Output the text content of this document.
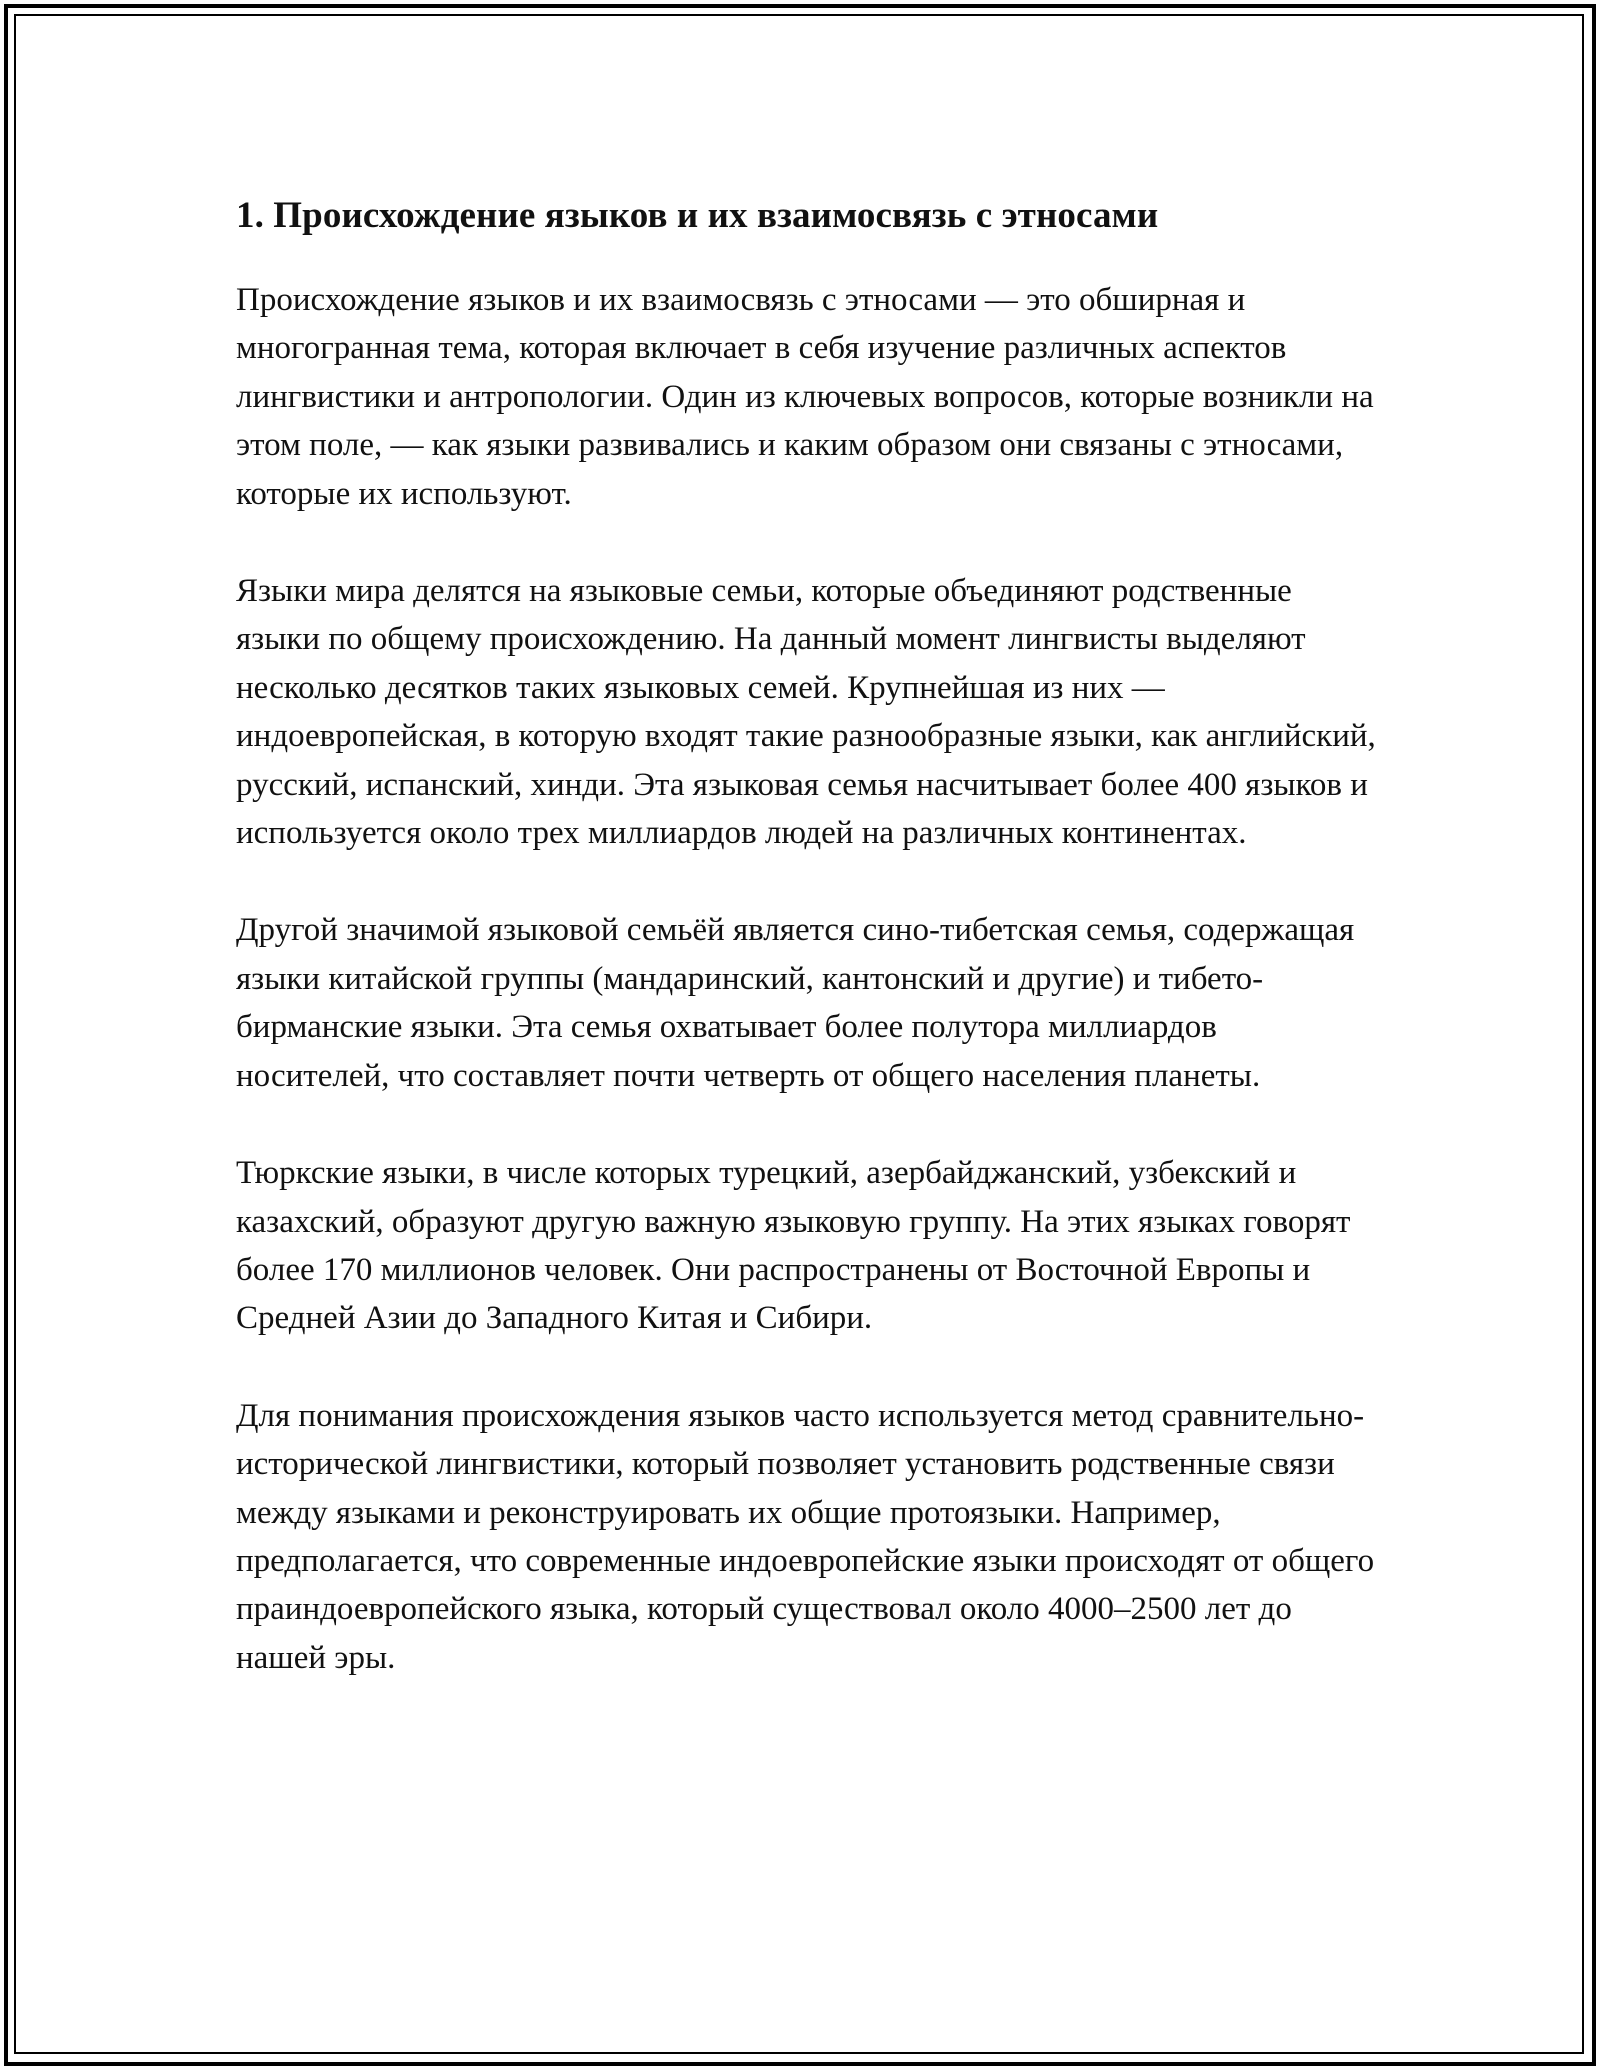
1. Происхождение языков и их взаимосвязь с этносами

Происхождение языков и их взаимосвязь с этносами — это обширная и многогранная тема, которая включает в себя изучение различных аспектов лингвистики и антропологии. Один из ключевых вопросов, которые возникли на этом поле, — как языки развивались и каким образом они связаны с этносами, которые их используют.

Языки мира делятся на языковые семьи, которые объединяют родственные языки по общему происхождению. На данный момент лингвисты выделяют несколько десятков таких языковых семей. Крупнейшая из них — индоевропейская, в которую входят такие разнообразные языки, как английский, русский, испанский, хинди. Эта языковая семья насчитывает более 400 языков и используется около трех миллиардов людей на различных континентах.

Другой значимой языковой семьёй является сино-тибетская семья, содержащая языки китайской группы (мандаринский, кантонский и другие) и тибето-бирманские языки. Эта семья охватывает более полутора миллиардов носителей, что составляет почти четверть от общего населения планеты.

Тюркские языки, в числе которых турецкий, азербайджанский, узбекский и казахский, образуют другую важную языковую группу. На этих языках говорят более 170 миллионов человек. Они распространены от Восточной Европы и Средней Азии до Западного Китая и Сибири.

Для понимания происхождения языков часто используется метод сравнительно-исторической лингвистики, который позволяет установить родственные связи между языками и реконструировать их общие протоязыки. Например, предполагается, что современные индоевропейские языки происходят от общего праиндоевропейского языка, который существовал около 4000–2500 лет до нашей эры.
